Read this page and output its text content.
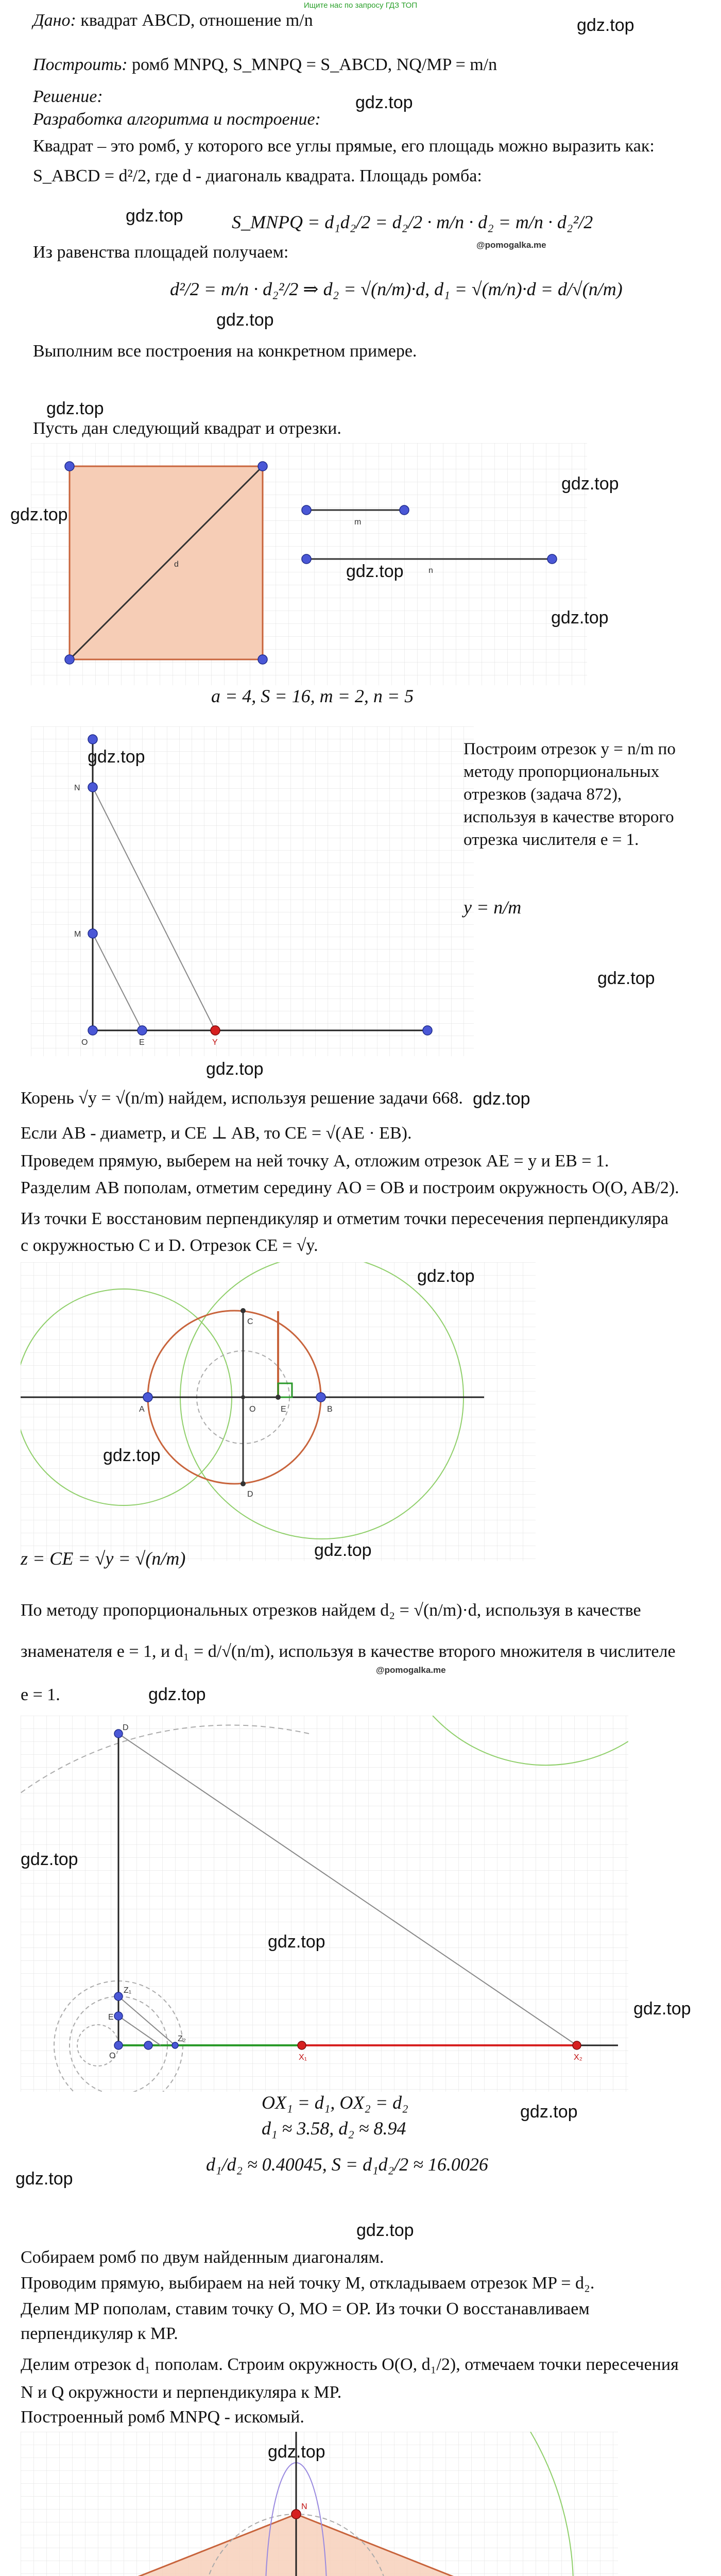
Ищите нас по запросу ГДЗ ТОП
Дано: квадрат ABCD, отношение m/n
Построить: ромб MNPQ, S_MNPQ = S_ABCD, NQ/MP = m/n
Решение:
Разработка алгоритма и построение:
Квадрат – это ромб, у которого все углы прямые, его площадь можно выразить как:
S_ABCD = d²/2, где d - диагональ квадрата. Площадь ромба:
S_MNPQ = d₁d₂/2 = d₂/2 · m/n · d₂ = m/n · d₂²/2
Из равенства площадей получаем:
d²/2 = m/n · d₂²/2 ⇒ d₂ = √(n/m)·d, d₁ = √(m/n)·d = d/√(n/m)
Выполним все построения на конкретном примере.
Пусть дан следующий квадрат и отрезки.
gdz.top
gdz.top
gdz.top
@pomogalka.me
gdz.top
gdz.top
d
m
n
gdz.top
gdz.top
gdz.top
gdz.top
a = 4, S = 16, m = 2, n = 5
N
M
O	E	Y
gdz.top
gdz.top
gdz.top
Построим отрезок y = n/m по
методу пропорциональных
отрезков (задача 872),
используя в качестве второго
отрезка числителя e = 1.
y = n/m
Корень √y = √(n/m) найдем, используя решение задачи 668. gdz.top
Если AB - диаметр, и CE ⊥ AB, то CE = √(AE · EB).
Проведем прямую, выберем на ней точку A, отложим отрезок AE = y и EB = 1.
Разделим AB пополам, отметим середину AO = OB и построим окружность O(O, AB/2).
Из точки E восстановим перпендикуляр и отметим точки пересечения перпендикуляра
с окружностью C и D. Отрезок CE = √y.
A	O	E	B
C
D
gdz.top
gdz.top
gdz.top
z = CE = √y = √(n/m)
По методу пропорциональных отрезков найдем d₂ = √(n/m)·d, используя в качестве
знаменателя e = 1, и d₁ = d/√(n/m), используя в качестве второго множителя в числителе
@pomogalka.me
e = 1.	gdz.top
D
Z₁
E
O
Z₂
X₁	X₂
gdz.top
gdz.top
gdz.top
gdz.top
gdz.top
OX₁ = d₁, OX₂ = d₂
d₁ ≈ 3.58, d₂ ≈ 8.94
d₁/d₂ ≈ 0.40045, S = d₁d₂/2 ≈ 16.0026
gdz.top
Собираем ромб по двум найденным диагоналям.
Проводим прямую, выбираем на ней точку M, откладываем отрезок MP = d₂.
Делим MP пополам, ставим точку O, MO = OP. Из точки O восстанавливаем
перпендикуляр к MP.
Делим отрезок d₁ пополам. Строим окружность O(O, d₁/2), отмечаем точки пересечения
N и Q окружности и перпендикуляра к MP.
Построенный ромб MNPQ - искомый.
N
gdz.top
